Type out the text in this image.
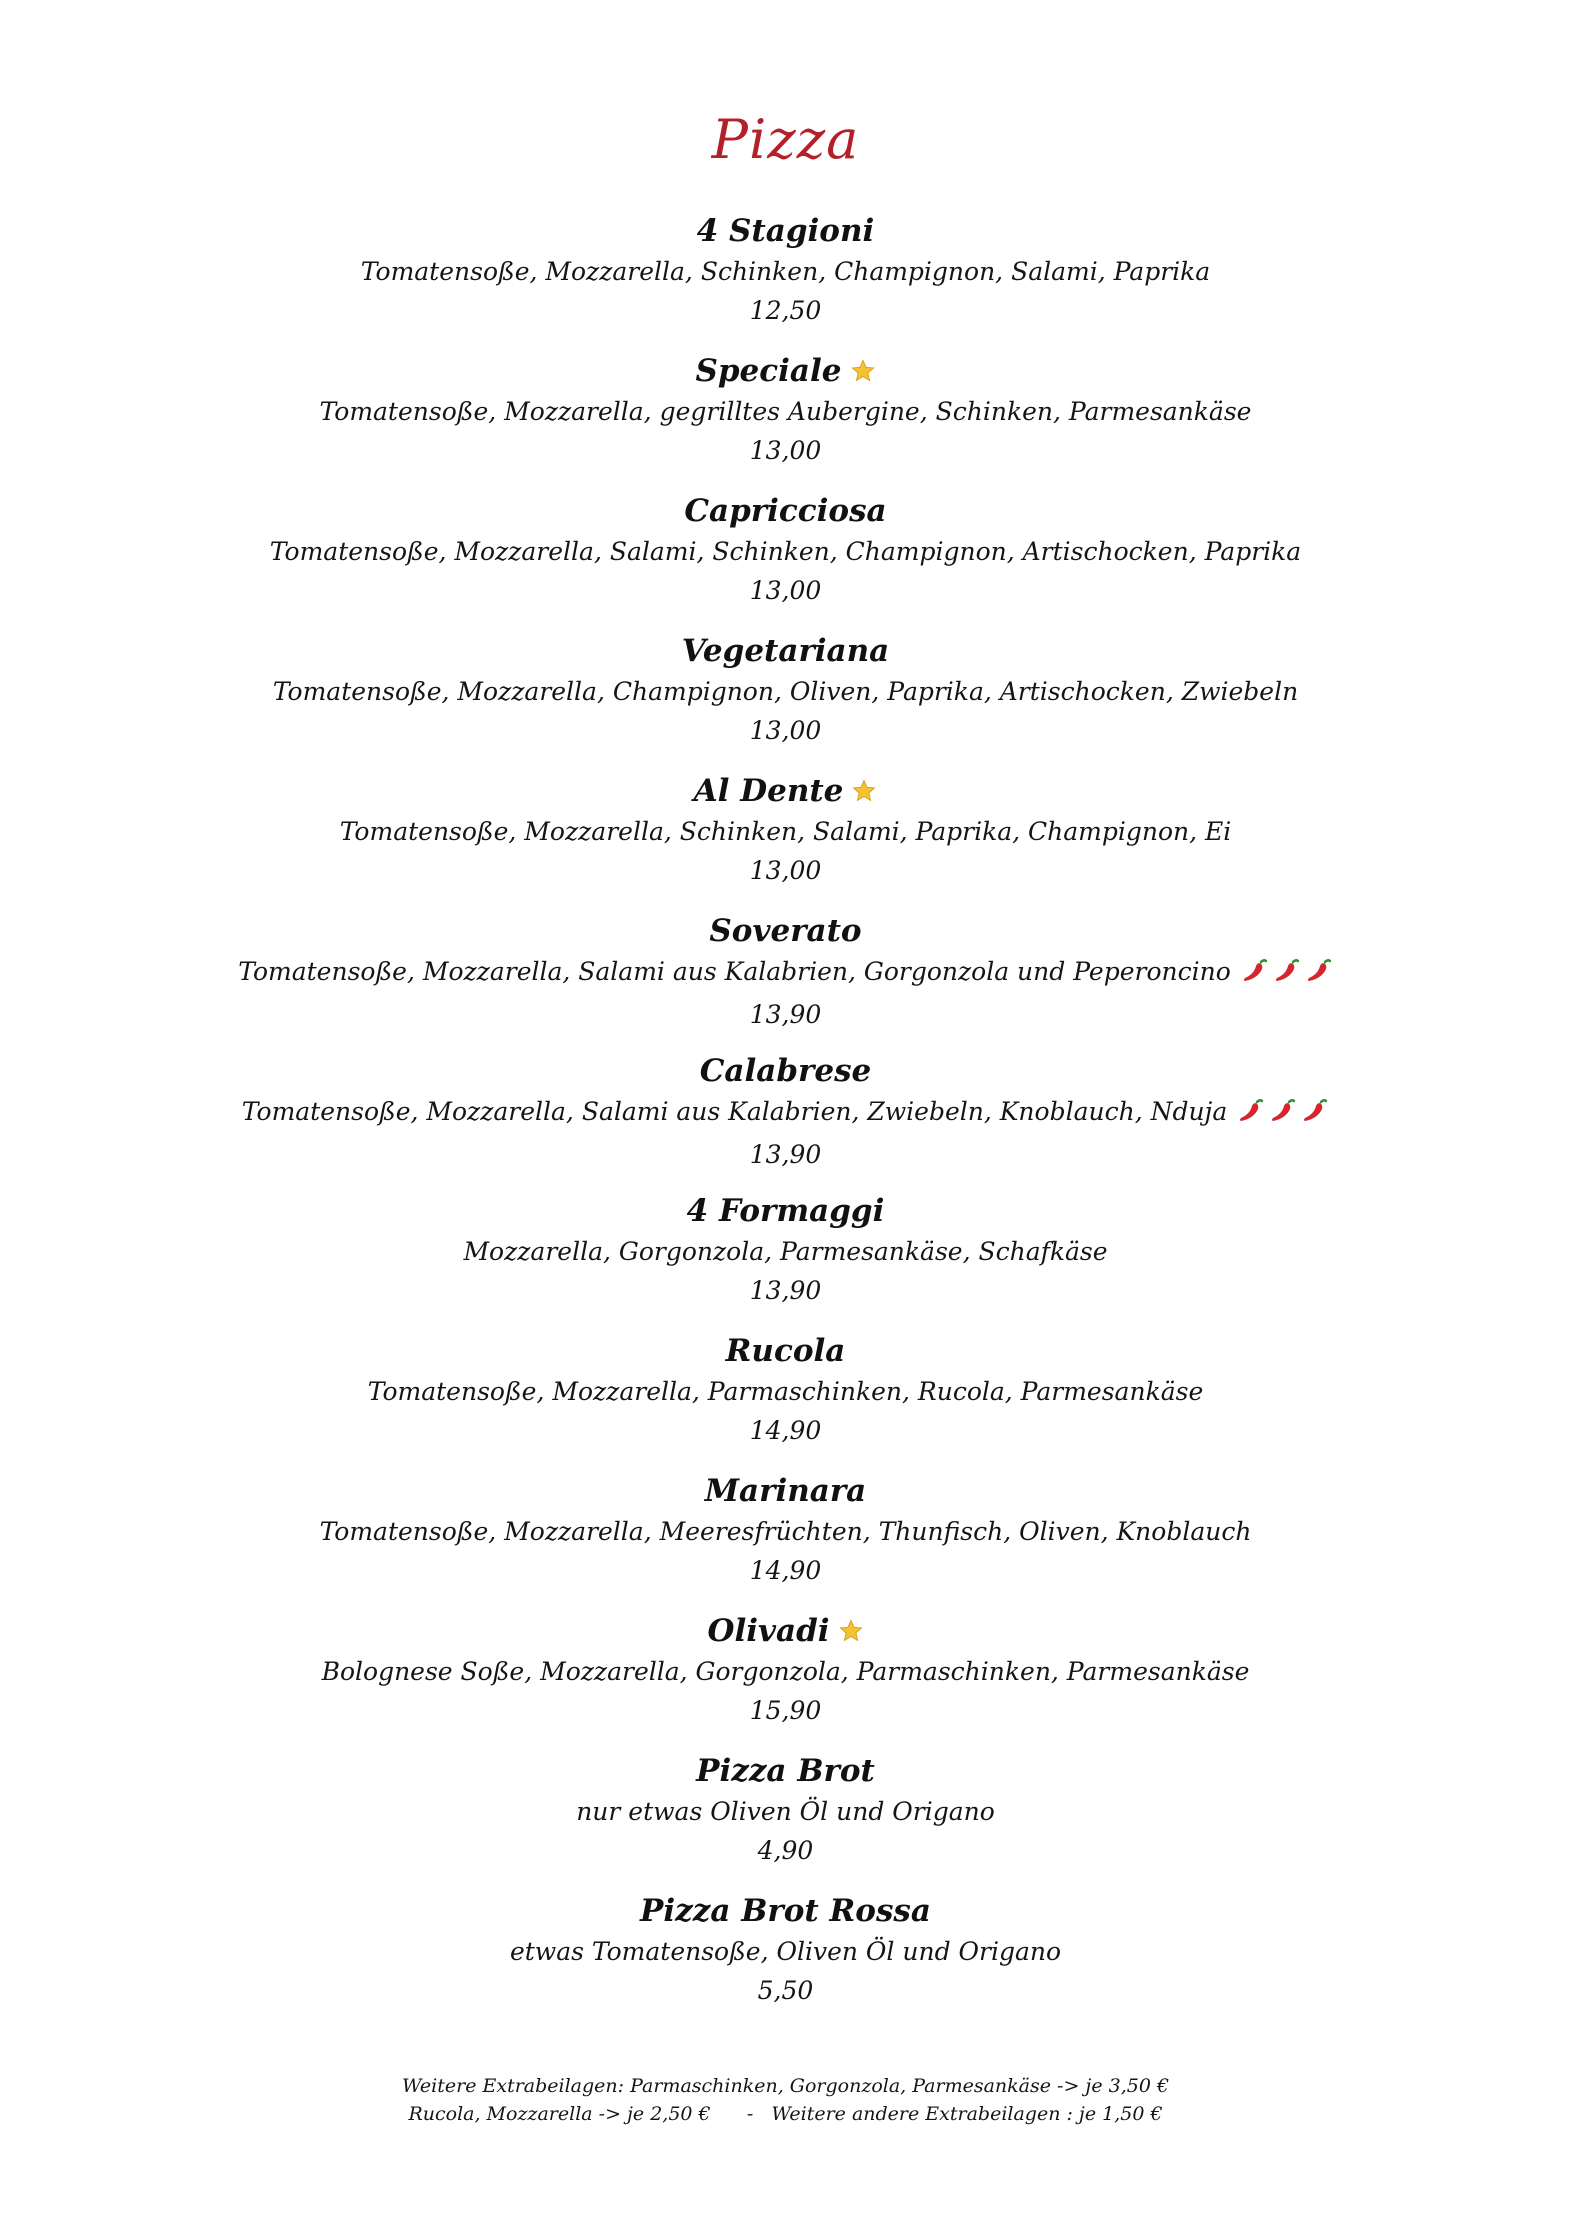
Pizza
4 Stagioni
Tomatensoße, Mozzarella, Schinken, Champignon, Salami, Paprika
12,50
Speciale
Tomatensoße, Mozzarella, gegrilltes Aubergine, Schinken, Parmesankäse
13,00
Capricciosa
Tomatensoße, Mozzarella, Salami, Schinken, Champignon, Artischocken, Paprika
13,00
Vegetariana
Tomatensoße, Mozzarella, Champignon, Oliven, Paprika, Artischocken, Zwiebeln
13,00
Al Dente
Tomatensoße, Mozzarella, Schinken, Salami, Paprika, Champignon, Ei
13,00
Soverato
Tomatensoße, Mozzarella, Salami aus Kalabrien, Gorgonzola und Peperoncino
13,90
Calabrese
Tomatensoße, Mozzarella, Salami aus Kalabrien, Zwiebeln, Knoblauch, Nduja
13,90
4 Formaggi
Mozzarella, Gorgonzola, Parmesankäse, Schafkäse
13,90
Rucola
Tomatensoße, Mozzarella, Parmaschinken, Rucola, Parmesankäse
14,90
Marinara
Tomatensoße, Mozzarella, Meeresfrüchten, Thunfisch, Oliven, Knoblauch
14,90
Olivadi
Bolognese Soße, Mozzarella, Gorgonzola, Parmaschinken, Parmesankäse
15,90
Pizza Brot
nur etwas Oliven Öl und Origano
4,90
Pizza Brot Rossa
etwas Tomatensoße, Oliven Öl und Origano
5,50
Weitere Extrabeilagen: Parmaschinken, Gorgonzola, Parmesankäse -> je 3,50 €
Rucola, Mozzarella -> je 2,50 €      -   Weitere andere Extrabeilagen : je 1,50 €
